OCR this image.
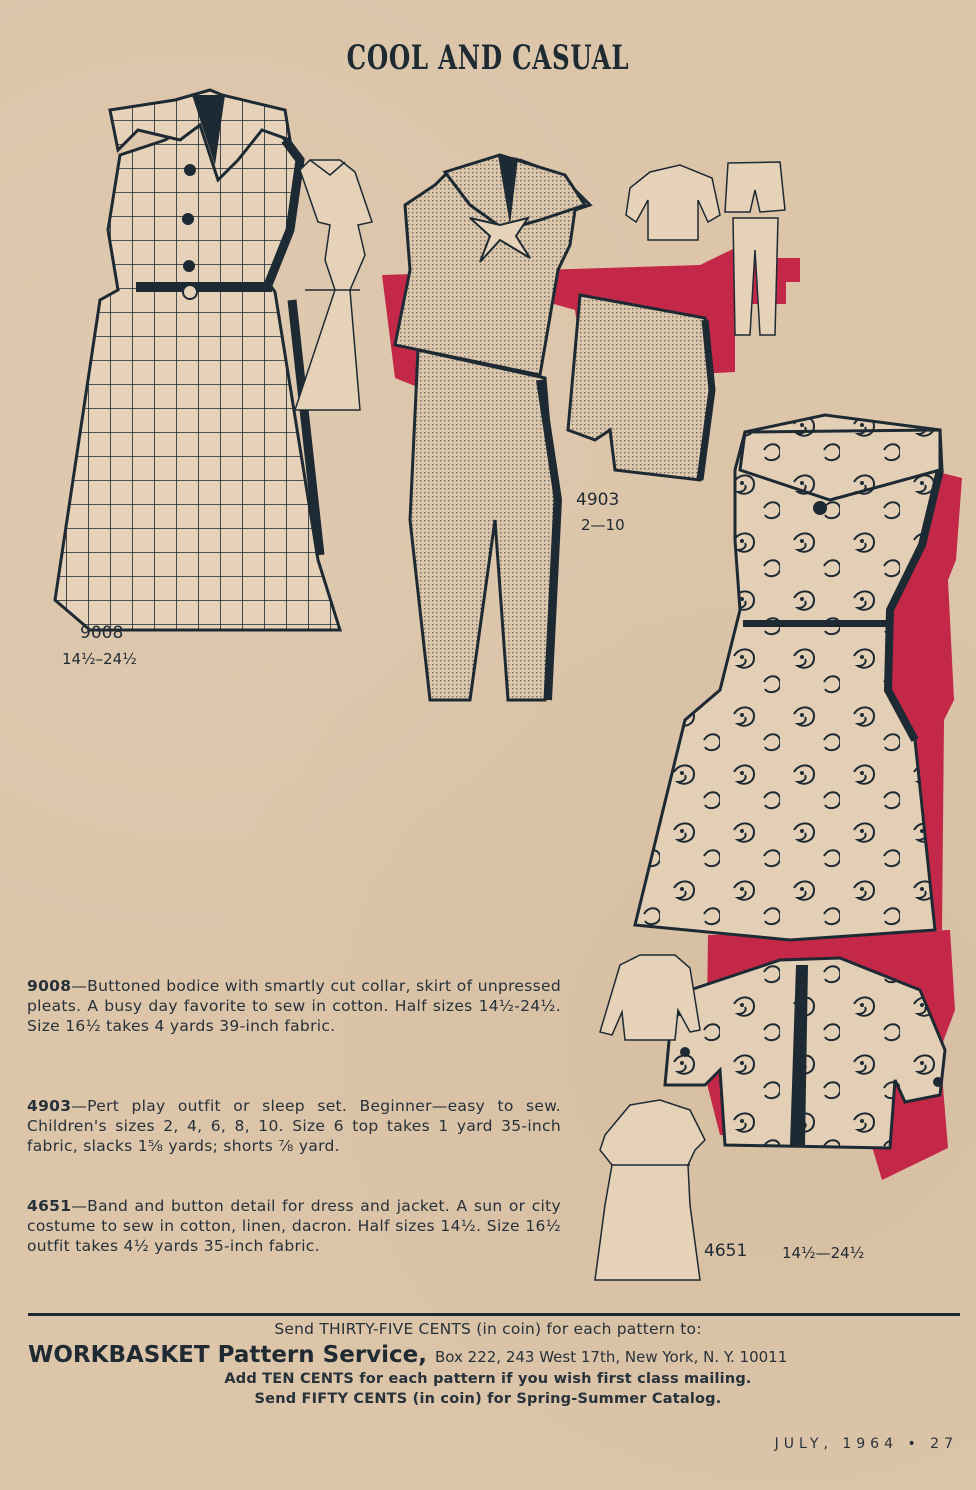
COOL AND CASUAL
9008
14½–24½
4903
2—10
4651 14½—24½
9008—Buttoned bodice with smartly cut collar, skirt of unpressed pleats. A busy day favorite to sew in cotton. Half sizes 14½-24½. Size 16½ takes 4 yards 39-inch fabric.
4903—Pert play outfit or sleep set. Beginner—easy to sew. Children's sizes 2, 4, 6, 8, 10. Size 6 top takes 1 yard 35-inch fabric, slacks 1⅝ yards; shorts ⅞ yard.
4651—Band and button detail for dress and jacket. A sun or city costume to sew in cotton, linen, dacron. Half sizes 14½. Size 16½ outfit takes 4½ yards 35-inch fabric.
Send THIRTY-FIVE CENTS (in coin) for each pattern to:
WORKBASKET Pattern Service, Box 222, 243 West 17th, New York, N. Y. 10011
Add TEN CENTS for each pattern if you wish first class mailing.
Send FIFTY CENTS (in coin) for Spring-Summer Catalog.
JULY, 1964 • 27
